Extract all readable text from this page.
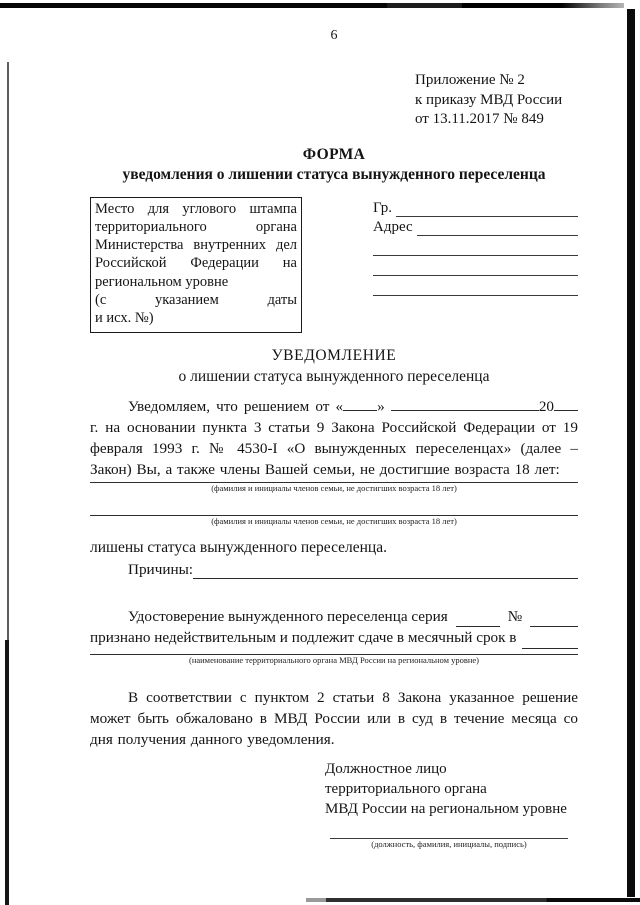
6
Приложение № 2
к приказу МВД России
от 13.11.2017 № 849
ФОРМА
уведомления о лишении статуса вынужденного переселенца
Место для углового штампа
территориального органа
Министерства внутренних дел
Российской Федерации на
региональном уровне
(с указанием даты
и исх. №)
Гр.
Адрес
УВЕДОМЛЕНИЕ
о лишении статуса вынужденного переселенца

Уведомляем, что решением от « »	20 г. на основании пункта 3 статьи 9 Закона Российской Федерации от 19 февраля 1993 г. № 4530-I «О вынужденных переселенцах» (далее – Закон) Вы, а также члены Вашей семьи, не достигшие возраста 18 лет:

(фамилия и инициалы членов семьи, не достигших возраста 18 лет)
(фамилия и инициалы членов семьи, не достигших возраста 18 лет)
лишены статуса вынужденного переселенца.
Причины:
Удостоверение вынужденного переселенца серия	№
признано недействительным и подлежит сдаче в месячный срок в
(наименование территориального органа МВД России на региональном уровне)

В соответствии с пунктом 2 статьи 8 Закона указанное решение может быть обжаловано в МВД России или в суд в течение месяца со дня получения данного уведомления.

Должностное лицо
территориального органа
МВД России на региональном уровне
(должность, фамилия, инициалы, подпись)
